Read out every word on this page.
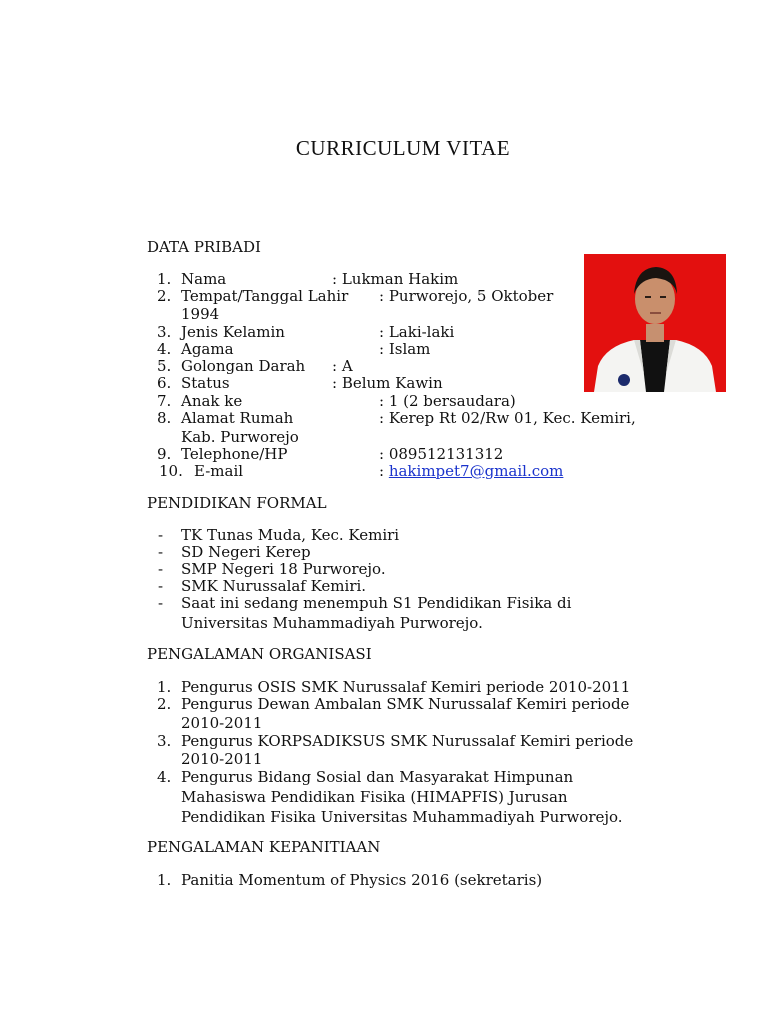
CURRICULUM VITAE
DATA PRIBADI
1. Nama	: Lukman Hakim
2. Tempat/Tanggal Lahir : Purworejo, 5 Oktober
1994
3. Jenis Kelamin	: Laki-laki
4. Agama	: Islam
5. Golongan Darah : A
6. Status	: Belum Kawin
7. Anak ke	: 1 (2 bersaudara)
8. Alamat Rumah	: Kerep Rt 02/Rw 01, Kec. Kemiri,
Kab. Purworejo
9. Telephone/HP	: 089512131312
10. E-mail	: hakimpet7@gmail.com
PENDIDIKAN FORMAL
- TK Tunas Muda, Kec. Kemiri
- SD Negeri Kerep
- SMP Negeri 18 Purworejo.
- SMK Nurussalaf Kemiri.
- Saat ini sedang menempuh S1 Pendidikan Fisika di
Universitas Muhammadiyah Purworejo.
PENGALAMAN ORGANISASI
1. Pengurus OSIS SMK Nurussalaf Kemiri periode 2010-2011
2. Pengurus Dewan Ambalan SMK Nurussalaf Kemiri periode
2010-2011
3. Pengurus KORPSADIKSUS SMK Nurussalaf Kemiri periode
2010-2011
4. Pengurus Bidang Sosial dan Masyarakat Himpunan
Mahasiswa Pendidikan Fisika (HIMAPFIS) Jurusan
Pendidikan Fisika Universitas Muhammadiyah Purworejo.
PENGALAMAN KEPANITIAAN
1. Panitia Momentum of Physics 2016 (sekretaris)
